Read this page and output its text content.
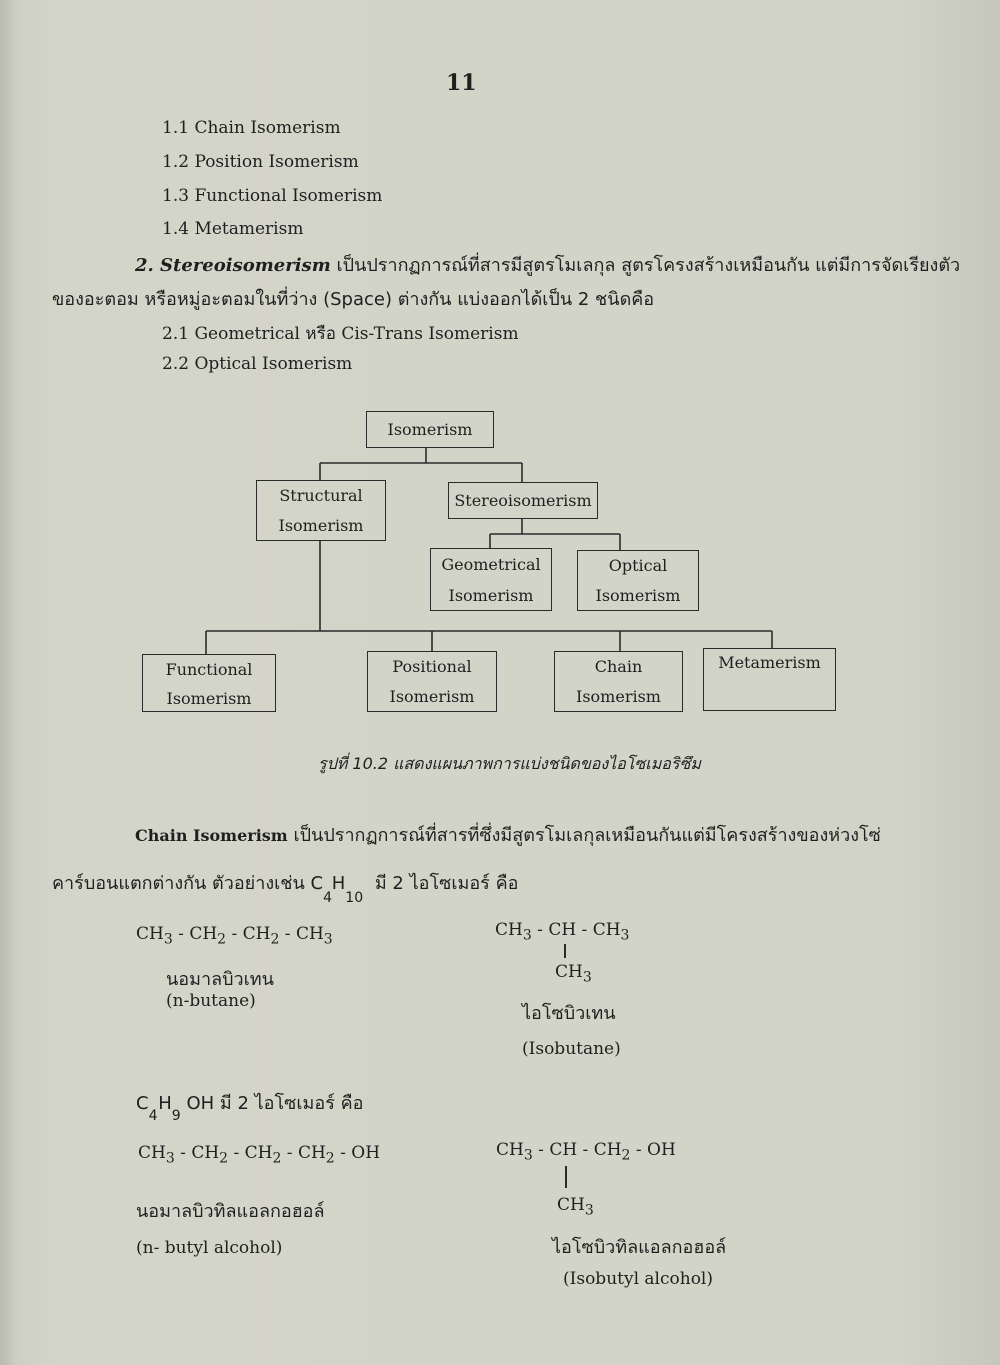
11
1.1 Chain Isomerism
1.2 Position Isomerism
1.3 Functional Isomerism
1.4 Metamerism
2. Stereoisomerism เป็นปรากฏการณ์ที่สารมีสูตรโมเลกุล สูตรโครงสร้างเหมือนกัน แต่มีการจัดเรียงตัว
ของอะตอม หรือหมู่อะตอมในที่ว่าง (Space) ต่างกัน แบ่งออกได้เป็น 2 ชนิดคือ
2.1 Geometrical หรือ Cis-Trans Isomerism
2.2 Optical Isomerism
Isomerism
Structural
Isomerism
Stereoisomerism
Geometrical
Isomerism
Optical
Isomerism
Functional
Isomerism
Positional
Isomerism
Chain
Isomerism
Metamerism
รูปที่ 10.2 แสดงแผนภาพการแบ่งชนิดของไอโซเมอริซึม
Chain Isomerism เป็นปรากฏการณ์ที่สารที่ซึ่งมีสูตรโมเลกุลเหมือนกันแต่มีโครงสร้างของห่วงโซ่
คาร์บอนแตกต่างกัน ตัวอย่างเช่น $C_4$ $H_{10}$ มี 2 ไอโซเมอร์ คือ
$CH_3 - CH_2 - CH_2 - CH_3$
นอมาลบิวเทน
(n-butane)
$CH_3$ - CH - $CH_3$
$CH_3$
ไอโซบิวเทน
(Isobutane)
$C_4$ $H_9$ OH มี 2 ไอโซเมอร์ คือ
$CH_3 - CH_2 - CH_2 - CH_2$ - OH
นอมาลบิวทิลแอลกอฮอล์
(n- butyl alcohol)
$CH_3$ - CH - $CH_2$ - OH
$CH_3$
ไอโซบิวทิลแอลกอฮอล์
(Isobutyl alcohol)
